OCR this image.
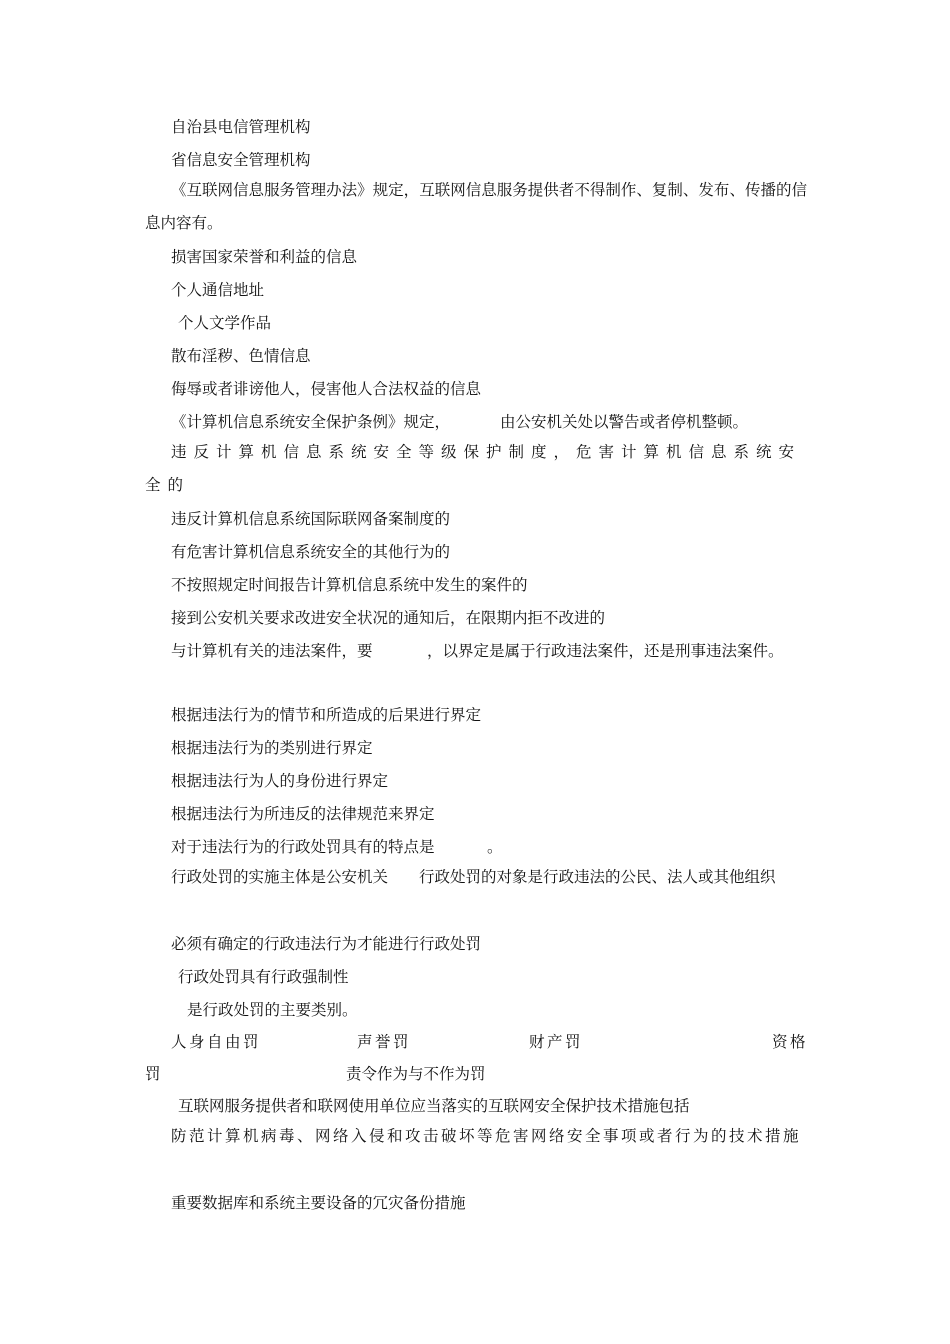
自治县电信管理机构
省信息安全管理机构
《互联网信息服务管理办法》规定，互联网信息服务提供者不得制作、复制、发布、传播的信息内容有。
损害国家荣誉和利益的信息
个人通信地址
个人文学作品
散布淫秽、色情信息
侮辱或者诽谤他人，侵害他人合法权益的信息
《计算机信息系统安全保护条例》规定，	由公安机关处以警告或者停机整顿。
违反计算机信息系统安全等级保护制度，危害计算机信息系统安全的
违反计算机信息系统国际联网备案制度的
有危害计算机信息系统安全的其他行为的
不按照规定时间报告计算机信息系统中发生的案件的
接到公安机关要求改进安全状况的通知后，在限期内拒不改进的
与计算机有关的违法案件，要	，以界定是属于行政违法案件，还是刑事违法案件。
根据违法行为的情节和所造成的后果进行界定
根据违法行为的类别进行界定
根据违法行为人的身份进行界定
根据违法行为所违反的法律规范来界定
对于违法行为的行政处罚具有的特点是	。
行政处罚的实施主体是公安机关　　行政处罚的对象是行政违法的公民、法人或其他组织
必须有确定的行政违法行为才能进行行政处罚
行政处罚具有行政强制性
是行政处罚的主要类别。
人身自由罚	声誉罚	财产罚	资格
罚	责令作为与不作为罚
互联网服务提供者和联网使用单位应当落实的互联网安全保护技术措施包括
防范计算机病毒、网络入侵和攻击破坏等危害网络安全事项或者行为的技术措施
重要数据库和系统主要设备的冗灾备份措施
